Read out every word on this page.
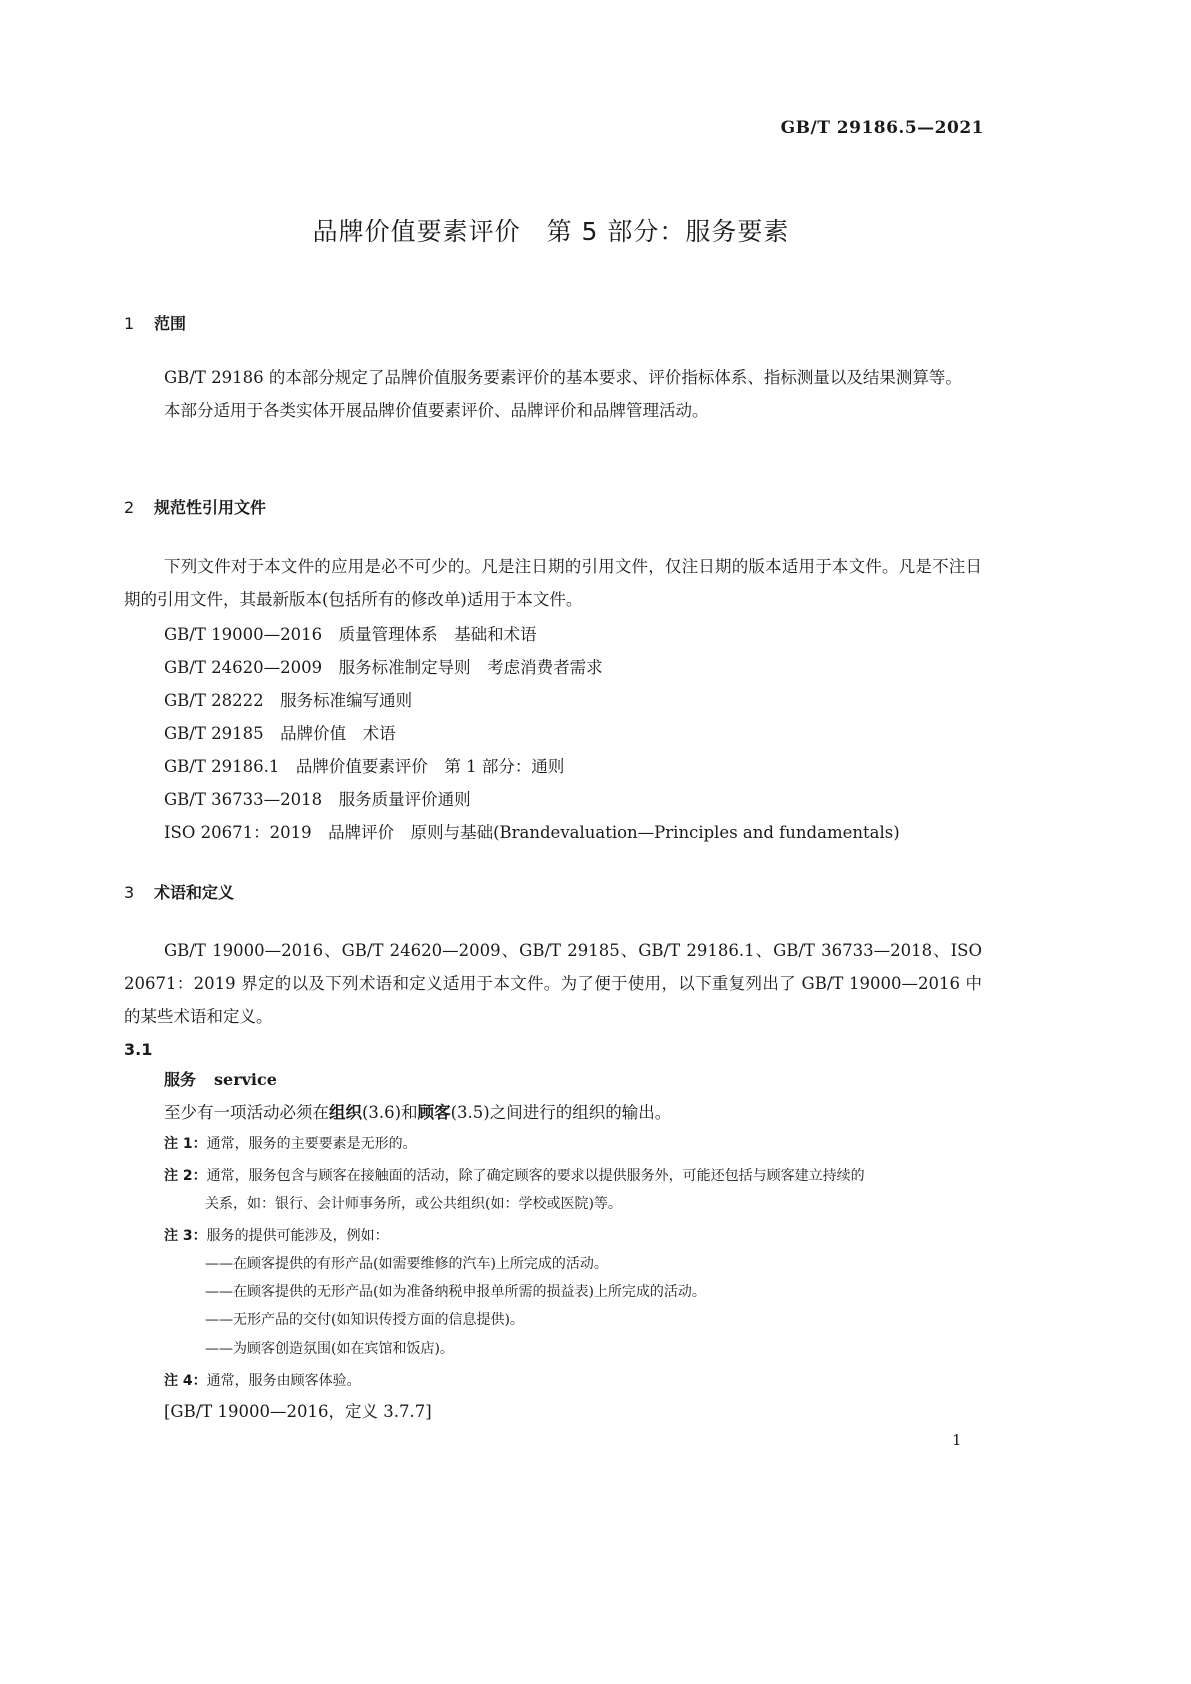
GB/T 29186.5—2021
品牌价值要素评价　第 5 部分：服务要素
1 范围
GB/T 29186 的本部分规定了品牌价值服务要素评价的基本要求、评价指标体系、指标测量以及结果测算等。
本部分适用于各类实体开展品牌价值要素评价、品牌评价和品牌管理活动。
2 规范性引用文件
下列文件对于本文件的应用是必不可少的。凡是注日期的引用文件，仅注日期的版本适用于本文件。凡是不注日期的引用文件，其最新版本(包括所有的修改单)适用于本文件。
GB/T 19000—2016　质量管理体系　基础和术语
GB/T 24620—2009　服务标准制定导则　考虑消费者需求
GB/T 28222　服务标准编写通则
GB/T 29185　品牌价值　术语
GB/T 29186.1　品牌价值要素评价　第 1 部分：通则
GB/T 36733—2018　服务质量评价通则
ISO 20671：2019　品牌评价　原则与基础(Brandevaluation—Principles and fundamentals)
3 术语和定义
GB/T 19000—2016、GB/T 24620—2009、GB/T 29185、GB/T 29186.1、GB/T 36733—2018、ISO 20671：2019 界定的以及下列术语和定义适用于本文件。为了便于使用，以下重复列出了 GB/T 19000—2016 中的某些术语和定义。
3.1
服务 service
至少有一项活动必须在组织(3.6)和顾客(3.5)之间进行的组织的输出。
注 1：通常，服务的主要要素是无形的。
注 2：通常，服务包含与顾客在接触面的活动，除了确定顾客的要求以提供服务外，可能还包括与顾客建立持续的
关系，如：银行、会计师事务所，或公共组织(如：学校或医院)等。
注 3：服务的提供可能涉及，例如：
——在顾客提供的有形产品(如需要维修的汽车)上所完成的活动。
——在顾客提供的无形产品(如为准备纳税申报单所需的损益表)上所完成的活动。
——无形产品的交付(如知识传授方面的信息提供)。
——为顾客创造氛围(如在宾馆和饭店)。
注 4：通常，服务由顾客体验。
[GB/T 19000—2016，定义 3.7.7]
1
